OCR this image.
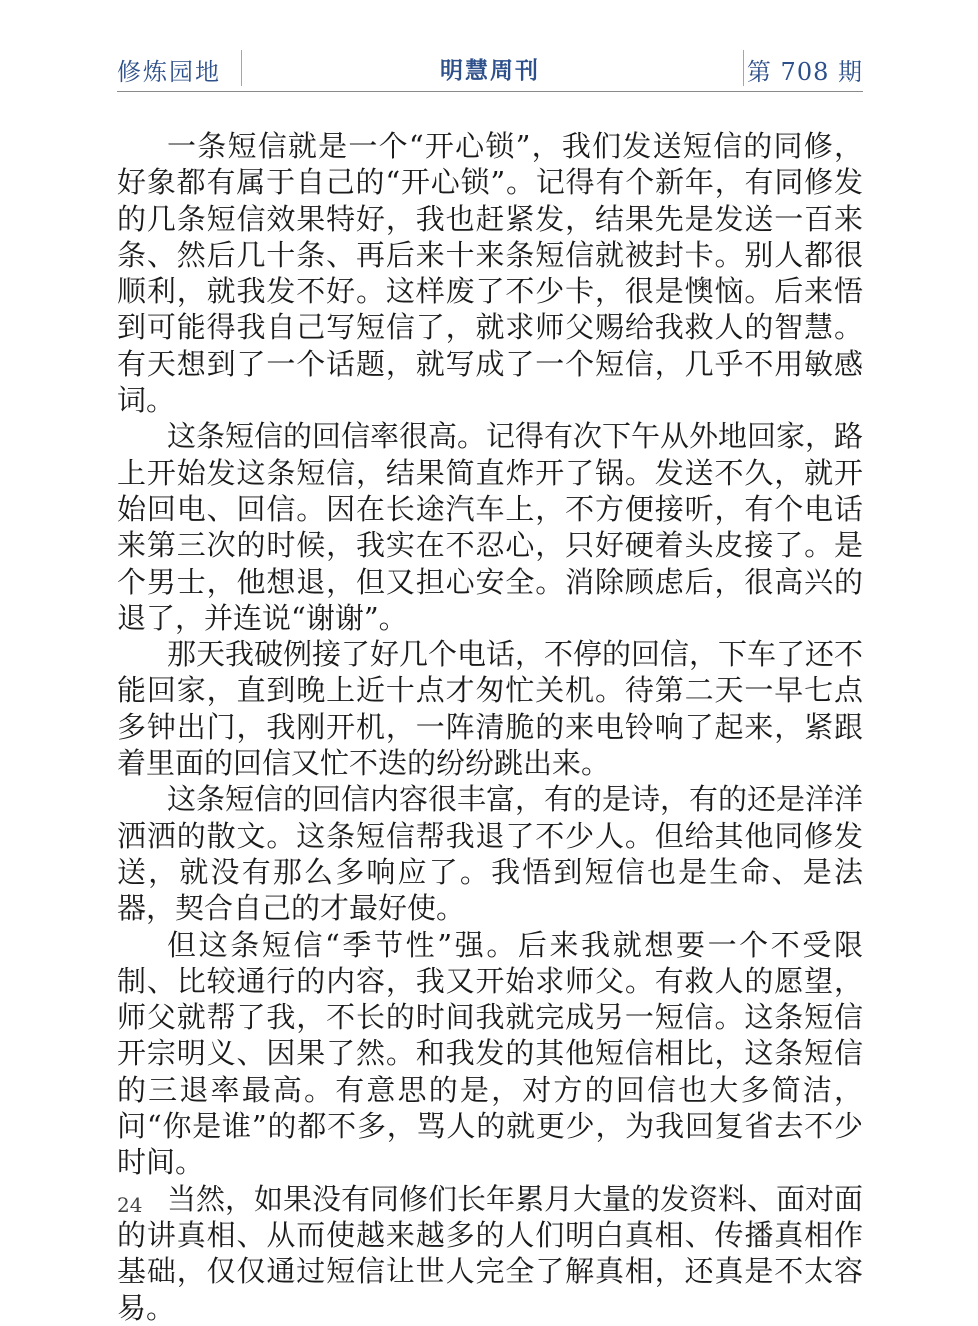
修炼园地	明慧周刊	第 708 期

一条短信就是一个“开心锁”，我们发送短信的同修，好象都有属于自己的“开心锁”。记得有个新年，有同修发的几条短信效果特好，我也赶紧发，结果先是发送一百来条、然后几十条、再后来十来条短信就被封卡。别人都很顺利，就我发不好。这样废了不少卡，很是懊恼。后来悟到可能得我自己写短信了，就求师父赐给我救人的智慧。有天想到了一个话题，就写成了一个短信，几乎不用敏感词。

这条短信的回信率很高。记得有次下午从外地回家，路上开始发这条短信，结果简直炸开了锅。发送不久，就开始回电、回信。因在长途汽车上，不方便接听，有个电话来第三次的时候，我实在不忍心，只好硬着头皮接了。是个男士，他想退，但又担心安全。消除顾虑后，很高兴的退了，并连说“谢谢”。

那天我破例接了好几个电话，不停的回信，下车了还不能回家，直到晚上近十点才匆忙关机。待第二天一早七点多钟出门，我刚开机，一阵清脆的来电铃响了起来，紧跟着里面的回信又忙不迭的纷纷跳出来。

这条短信的回信内容很丰富，有的是诗，有的还是洋洋洒洒的散文。这条短信帮我退了不少人。但给其他同修发送，就没有那么多响应了。我悟到短信也是生命、是法器，契合自己的才最好使。

但这条短信“季节性”强。后来我就想要一个不受限制、比较通行的内容，我又开始求师父。有救人的愿望，师父就帮了我，不长的时间我就完成另一短信。这条短信开宗明义、因果了然。和我发的其他短信相比，这条短信的三退率最高。有意思的是，对方的回信也大多简洁，问“你是谁”的都不多，骂人的就更少，为我回复省去不少时间。

当然，如果没有同修们长年累月大量的发资料、面对面的讲真相、从而使越来越多的人们明白真相、传播真相作基础，仅仅通过短信让世人完全了解真相，还真是不太容易。

24
